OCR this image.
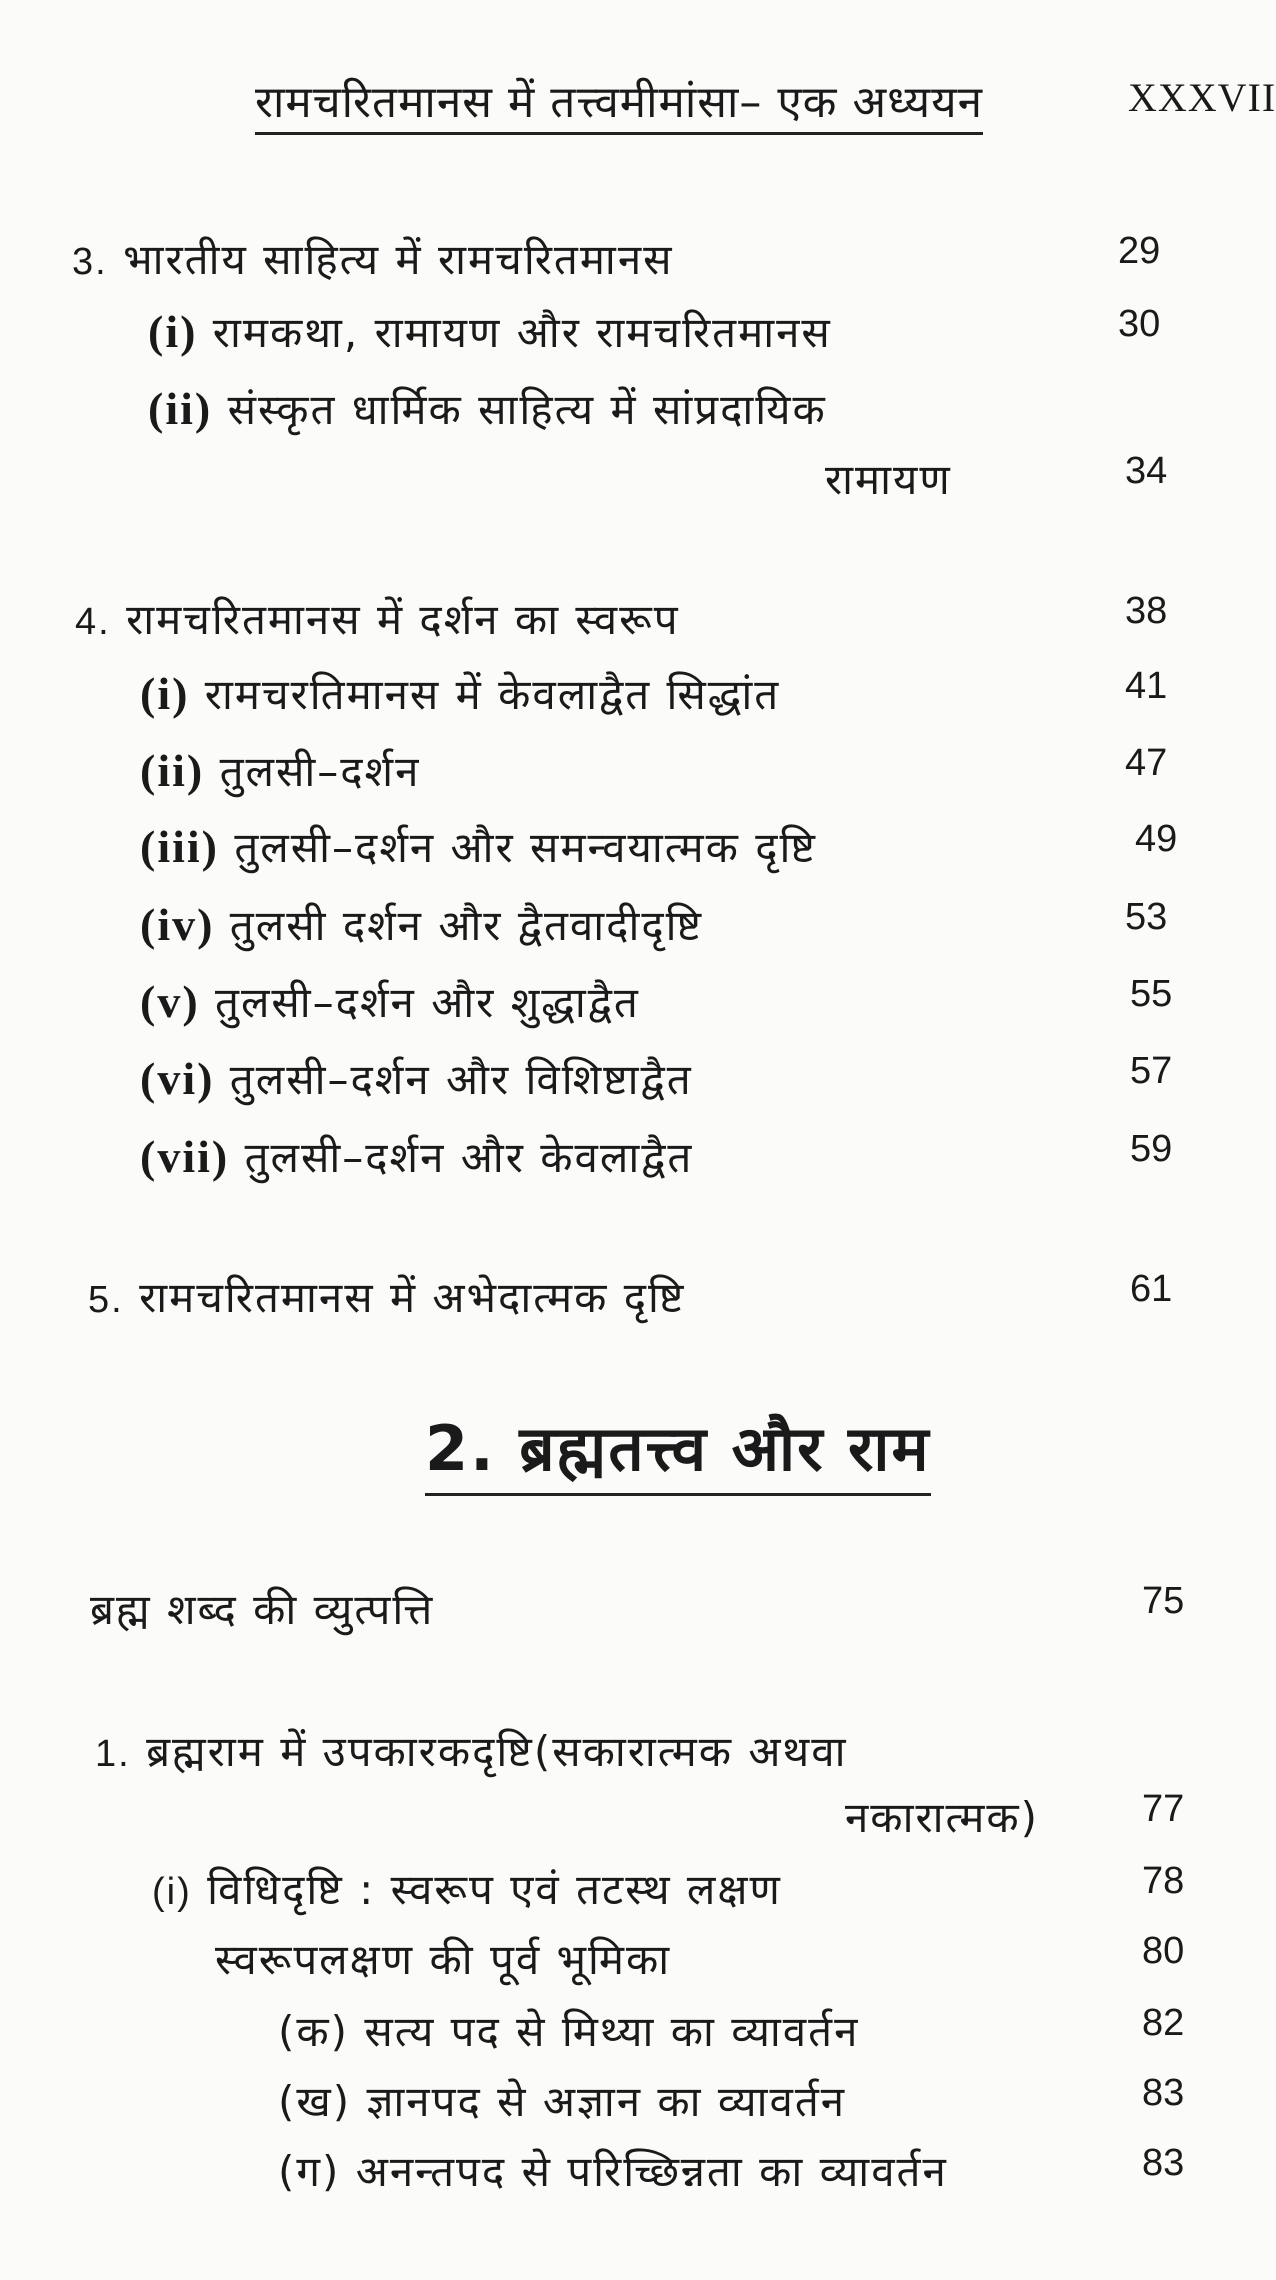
रामचरितमानस में तत्त्वमीमांसा– एक अध्ययन	XXXVII
3. भारतीय साहित्य में रामचरितमानस	29
(i) रामकथा, रामायण और रामचरितमानस	30
(ii) संस्कृत धार्मिक साहित्य में सांप्रदायिक
रामायण	34
4. रामचरितमानस में दर्शन का स्वरूप	38
(i) रामचरतिमानस में केवलाद्वैत सिद्धांत	41
(ii) तुलसी–दर्शन	47
(iii) तुलसी–दर्शन और समन्वयात्मक दृष्टि	49
(iv) तुलसी दर्शन और द्वैतवादीदृष्टि	53
(v) तुलसी–दर्शन और शुद्धाद्वैत	55
(vi) तुलसी–दर्शन और विशिष्टाद्वैत	57
(vii) तुलसी–दर्शन और केवलाद्वैत	59
5. रामचरितमानस में अभेदात्मक दृष्टि	61
2. ब्रह्मतत्त्व और राम
ब्रह्म शब्द की व्युत्पत्ति	75
1. ब्रह्मराम में उपकारकदृष्टि(सकारात्मक अथवा
नकारात्मक)	77
(i) विधिदृष्टि : स्वरूप एवं तटस्थ लक्षण	78
स्वरूपलक्षण की पूर्व भूमिका	80
(क) सत्य पद से मिथ्या का व्यावर्तन	82
(ख) ज्ञानपद से अज्ञान का व्यावर्तन	83
(ग) अनन्तपद से परिच्छिन्नता का व्यावर्तन	83
